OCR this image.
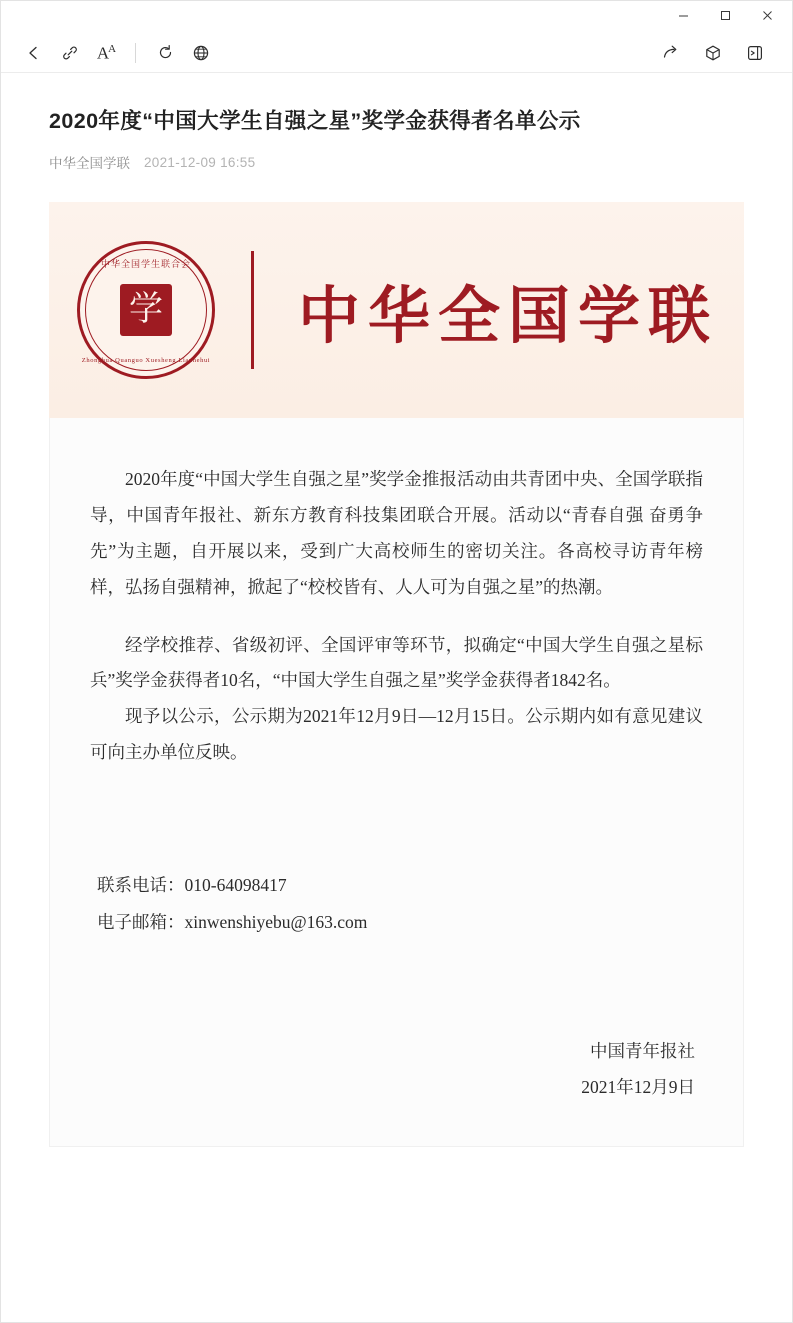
$A^A$
2020年度“中国大学生自强之星”奖学金获得者名单公示
中华全国学联 2021-12-09 16:55
中华全国学生联合会
学
Zhonghua Quanguo Xuesheng Lianhehui
中华全国学联

2020年度“中国大学生自强之星”奖学金推报活动由共青团中央、全国学联指导，中国青年报社、新东方教育科技集团联合开展。活动以“青春自强 奋勇争先”为主题，自开展以来，受到广大高校师生的密切关注。各高校寻访青年榜样，弘扬自强精神，掀起了“校校皆有、人人可为自强之星”的热潮。

经学校推荐、省级初评、全国评审等环节，拟确定“中国大学生自强之星标兵”奖学金获得者10名，“中国大学生自强之星”奖学金获得者1842名。

现予以公示，公示期为2021年12月9日—12月15日。公示期内如有意见建议可向主办单位反映。

联系电话：010-64098417
电子邮箱：xinwenshiyebu@163.com
中国青年报社
2021年12月9日
